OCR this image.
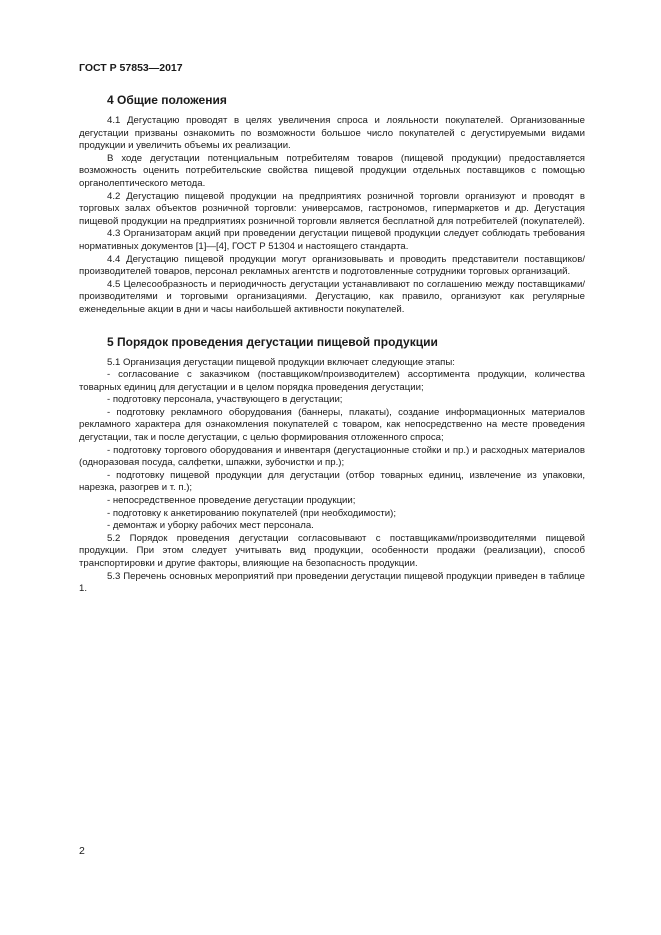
ГОСТ Р 57853—2017
4 Общие положения

4.1 Дегустацию проводят в целях увеличения спроса и лояльности покупателей. Организованные дегустации призваны ознакомить по возможности большое число покупателей с дегустируемыми видами продукции и увеличить объемы их реализации.

В ходе дегустации потенциальным потребителям товаров (пищевой продукции) предоставляется возможность оценить потребительские свойства пищевой продукции отдельных поставщиков с помощью органолептического метода.

4.2 Дегустацию пищевой продукции на предприятиях розничной торговли организуют и проводят в торговых залах объектов розничной торговли: универсамов, гастрономов, гипермаркетов и др. Дегустация пищевой продукции на предприятиях розничной торговли является бесплатной для потребителей (покупателей).

4.3 Организаторам акций при проведении дегустации пищевой продукции следует соблюдать требования нормативных документов [1]—[4], ГОСТ Р 51304 и настоящего стандарта.

4.4 Дегустацию пищевой продукции могут организовывать и проводить представители поставщиков/производителей товаров, персонал рекламных агентств и подготовленные сотрудники торговых организаций.

4.5 Целесообразность и периодичность дегустации устанавливают по соглашению между поставщиками/производителями и торговыми организациями. Дегустацию, как правило, организуют как регулярные еженедельные акции в дни и часы наибольшей активности покупателей.

5 Порядок проведения дегустации пищевой продукции

5.1 Организация дегустации пищевой продукции включает следующие этапы:

- согласование с заказчиком (поставщиком/производителем) ассортимента продукции, количества товарных единиц для дегустации и в целом порядка проведения дегустации;

- подготовку персонала, участвующего в дегустации;

- подготовку рекламного оборудования (баннеры, плакаты), создание информационных материалов рекламного характера для ознакомления покупателей с товаром, как непосредственно на месте проведения дегустации, так и после дегустации, с целью формирования отложенного спроса;

- подготовку торгового оборудования и инвентаря (дегустационные стойки и пр.) и расходных материалов (одноразовая посуда, салфетки, шпажки, зубочистки и пр.);

- подготовку пищевой продукции для дегустации (отбор товарных единиц, извлечение из упаковки, нарезка, разогрев и т. п.);

- непосредственное проведение дегустации продукции;

- подготовку к анкетированию покупателей (при необходимости);

- демонтаж и уборку рабочих мест персонала.

5.2 Порядок проведения дегустации согласовывают с поставщиками/производителями пищевой продукции. При этом следует учитывать вид продукции, особенности продажи (реализации), способ транспортировки и другие факторы, влияющие на безопасность продукции.

5.3 Перечень основных мероприятий при проведении дегустации пищевой продукции приведен в таблице 1.

2
